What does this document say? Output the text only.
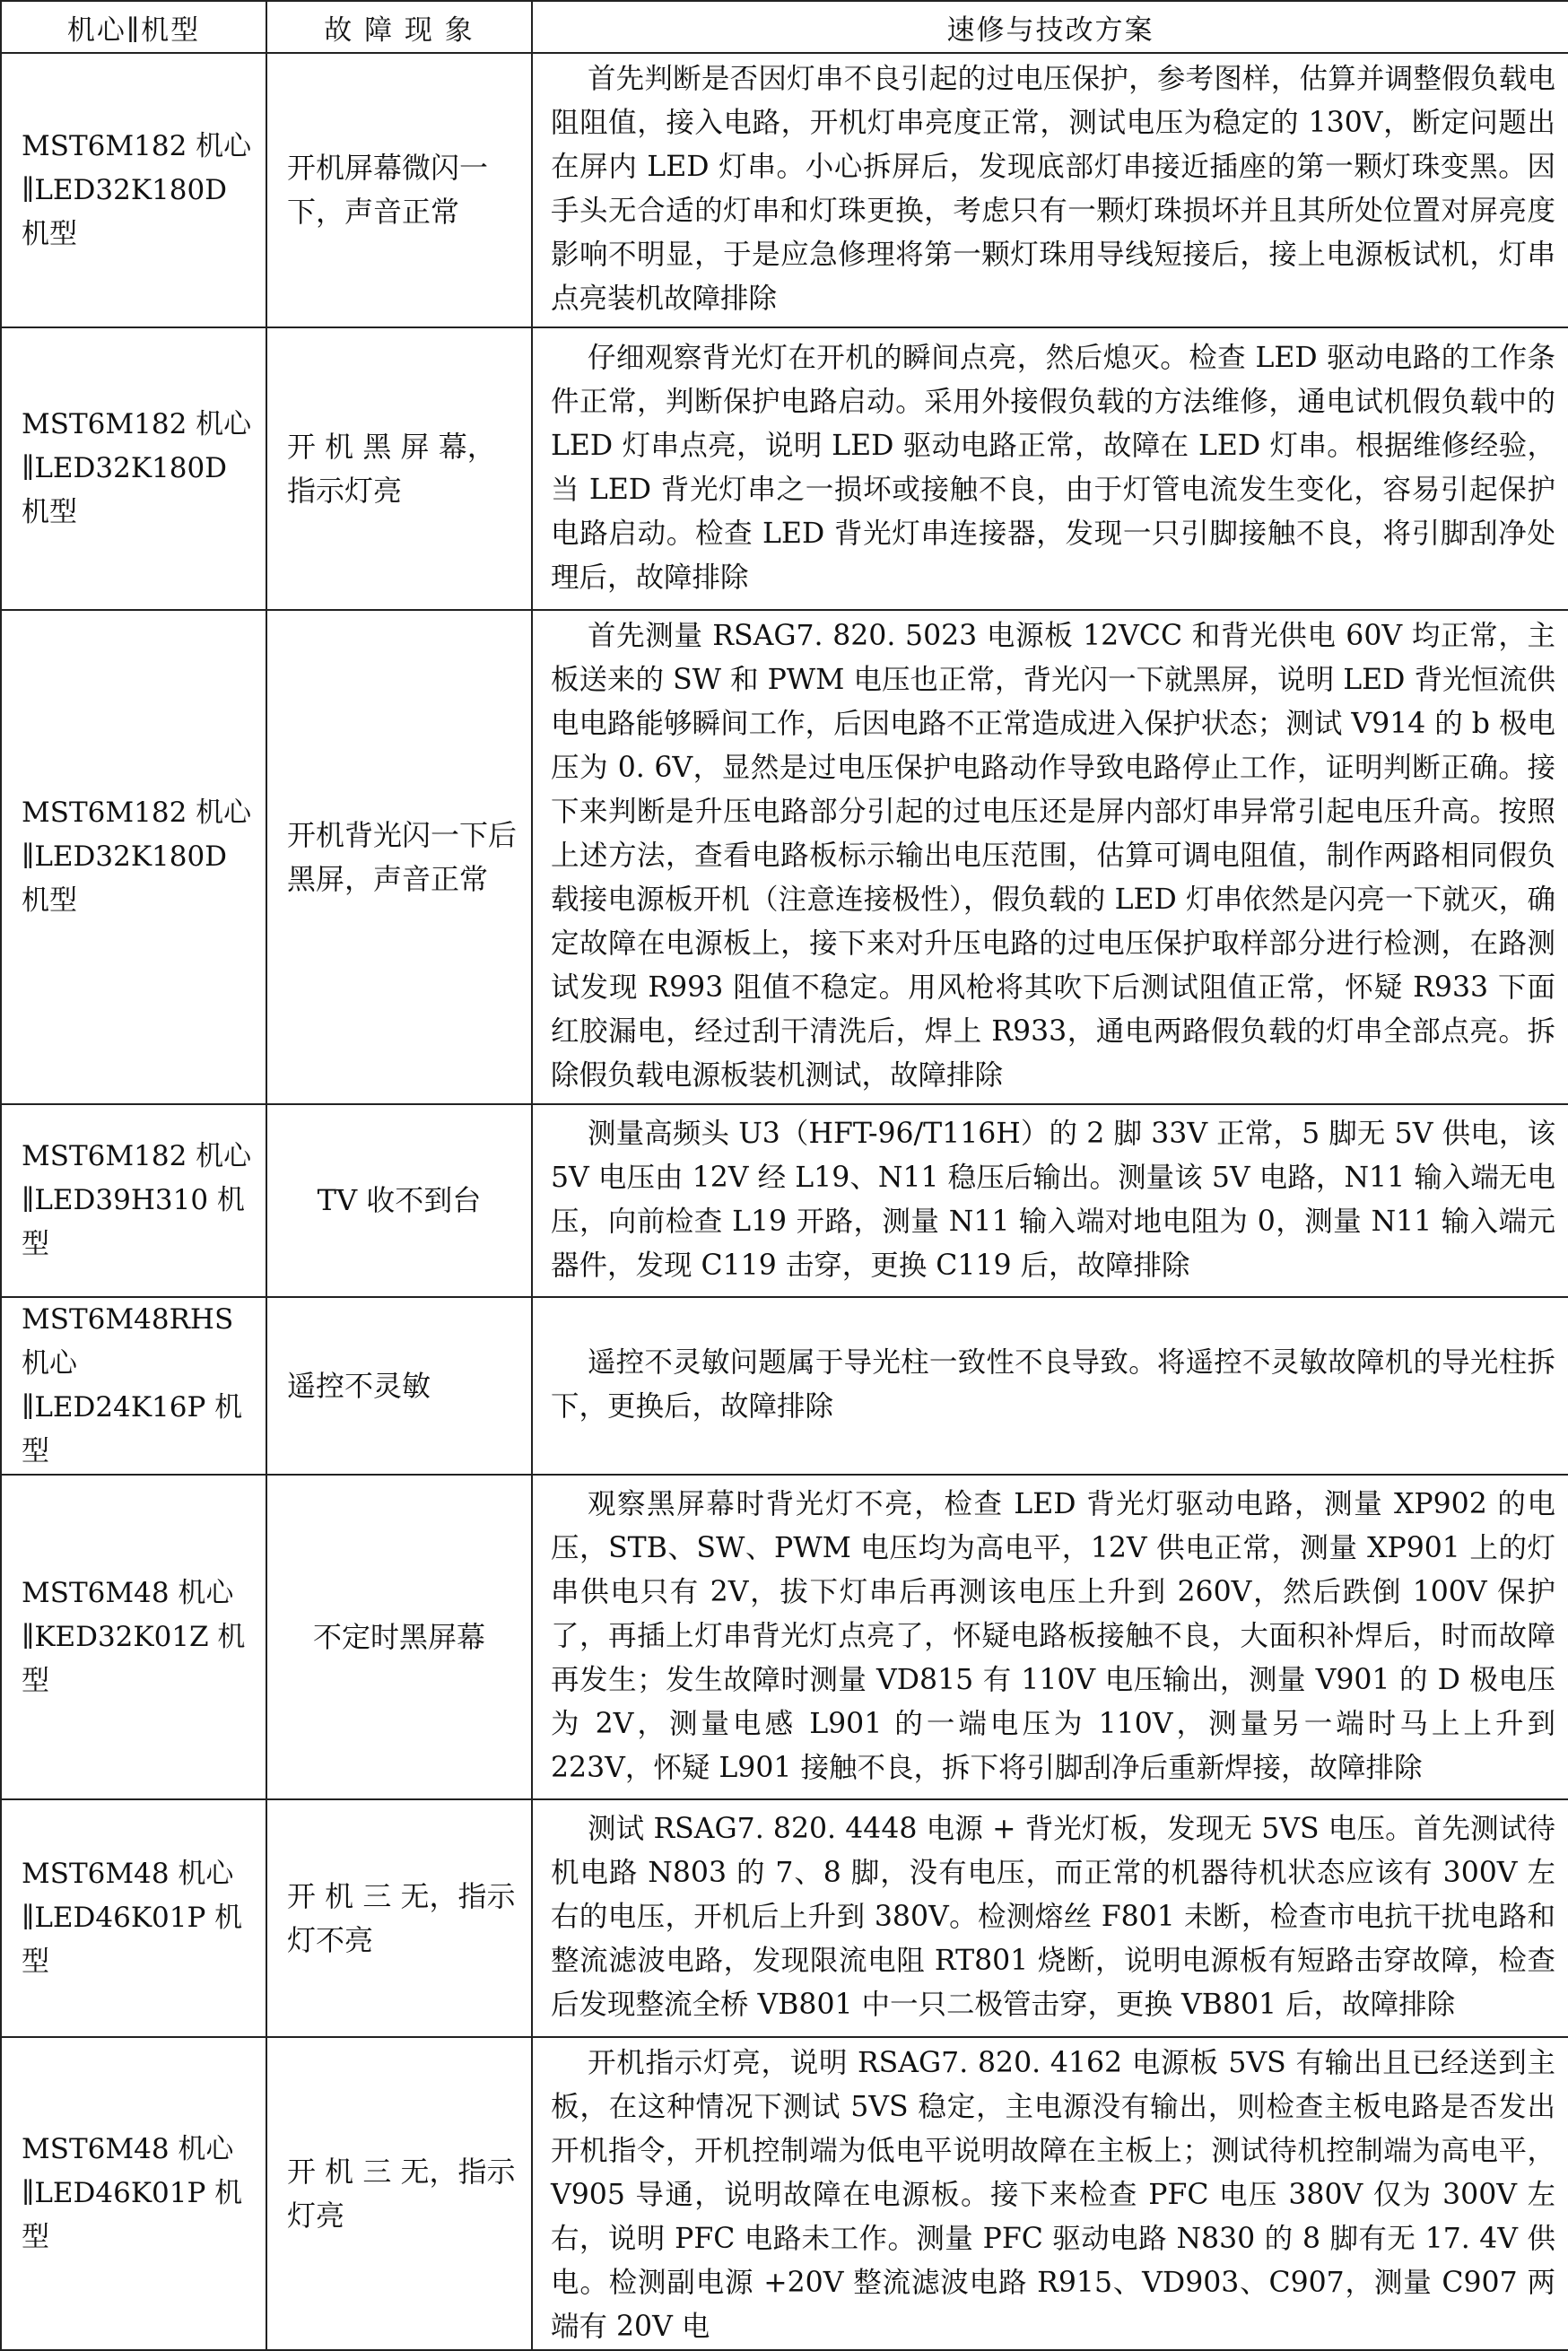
机心∥机型	故 障 现 象	速修与技改方案
MST6M182 机心∥LED32K180D 机型	开机屏幕微闪一下，声音正常	首先判断是否因灯串不良引起的过电压保护，参考图样，估算并调整假负载电阻阻值，接入电路，开机灯串亮度正常，测试电压为稳定的 130V，断定问题出在屏内 LED 灯串。小心拆屏后，发现底部灯串接近插座的第一颗灯珠变黑。因手头无合适的灯串和灯珠更换，考虑只有一颗灯珠损坏并且其所处位置对屏亮度影响不明显，于是应急修理将第一颗灯珠用导线短接后，接上电源板试机，灯串点亮装机故障排除
MST6M182 机心∥LED32K180D 机型	开 机 黑 屏 幕，指示灯亮	仔细观察背光灯在开机的瞬间点亮，然后熄灭。检查 LED 驱动电路的工作条件正常，判断保护电路启动。采用外接假负载的方法维修，通电试机假负载中的 LED 灯串点亮，说明 LED 驱动电路正常，故障在 LED 灯串。根据维修经验，当 LED 背光灯串之一损坏或接触不良，由于灯管电流发生变化，容易引起保护电路启动。检查 LED 背光灯串连接器，发现一只引脚接触不良，将引脚刮净处理后，故障排除
MST6M182 机心∥LED32K180D 机型	开机背光闪一下后黑屏，声音正常	首先测量 RSAG7. 820. 5023 电源板 12VCC 和背光供电 60V 均正常，主板送来的 SW 和 PWM 电压也正常，背光闪一下就黑屏，说明 LED 背光恒流供电电路能够瞬间工作，后因电路不正常造成进入保护状态；测试 V914 的 b 极电压为 0. 6V，显然是过电压保护电路动作导致电路停止工作，证明判断正确。接下来判断是升压电路部分引起的过电压还是屏内部灯串异常引起电压升高。按照上述方法，查看电路板标示输出电压范围，估算可调电阻值，制作两路相同假负载接电源板开机（注意连接极性），假负载的 LED 灯串依然是闪亮一下就灭，确定故障在电源板上，接下来对升压电路的过电压保护取样部分进行检测，在路测试发现 R993 阻值不稳定。用风枪将其吹下后测试阻值正常，怀疑 R933 下面红胶漏电，经过刮干清洗后，焊上 R933，通电两路假负载的灯串全部点亮。拆除假负载电源板装机测试，故障排除
MST6M182 机心∥LED39H310 机型	TV 收不到台	测量高频头 U3（HFT-96/T116H）的 2 脚 33V 正常，5 脚无 5V 供电，该 5V 电压由 12V 经 L19、N11 稳压后输出。测量该 5V 电路，N11 输入端无电压，向前检查 L19 开路，测量 N11 输入端对地电阻为 0，测量 N11 输入端元器件，发现 C119 击穿，更换 C119 后，故障排除
MST6M48RHS 机心∥LED24K16P 机型	遥控不灵敏	遥控不灵敏问题属于导光柱一致性不良导致。将遥控不灵敏故障机的导光柱拆下，更换后，故障排除
MST6M48 机心∥KED32K01Z 机型	不定时黑屏幕	观察黑屏幕时背光灯不亮，检查 LED 背光灯驱动电路，测量 XP902 的电压，STB、SW、PWM 电压均为高电平，12V 供电正常，测量 XP901 上的灯串供电只有 2V，拔下灯串后再测该电压上升到 260V，然后跌倒 100V 保护了，再插上灯串背光灯点亮了，怀疑电路板接触不良，大面积补焊后，时而故障再发生；发生故障时测量 VD815 有 110V 电压输出，测量 V901 的 D 极电压为 2V，测量电感 L901 的一端电压为 110V，测量另一端时马上上升到 223V，怀疑 L901 接触不良，拆下将引脚刮净后重新焊接，故障排除
MST6M48 机心∥LED46K01P 机型	开 机 三 无，指示灯不亮	测试 RSAG7. 820. 4448 电源 + 背光灯板，发现无 5VS 电压。首先测试待机电路 N803 的 7、8 脚，没有电压，而正常的机器待机状态应该有 300V 左右的电压，开机后上升到 380V。检测熔丝 F801 未断，检查市电抗干扰电路和整流滤波电路，发现限流电阻 RT801 烧断，说明电源板有短路击穿故障，检查后发现整流全桥 VB801 中一只二极管击穿，更换 VB801 后，故障排除
MST6M48 机心∥LED46K01P 机型	开 机 三 无，指示灯亮	开机指示灯亮，说明 RSAG7. 820. 4162 电源板 5VS 有输出且已经送到主板，在这种情况下测试 5VS 稳定，主电源没有输出，则检查主板电路是否发出开机指令，开机控制端为低电平说明故障在主板上；测试待机控制端为高电平，V905 导通，说明故障在电源板。接下来检查 PFC 电压 380V 仅为 300V 左右，说明 PFC 电路未工作。测量 PFC 驱动电路 N830 的 8 脚有无 17. 4V 供电。检测副电源 +20V 整流滤波电路 R915、VD903、C907，测量 C907 两端有 20V 电
